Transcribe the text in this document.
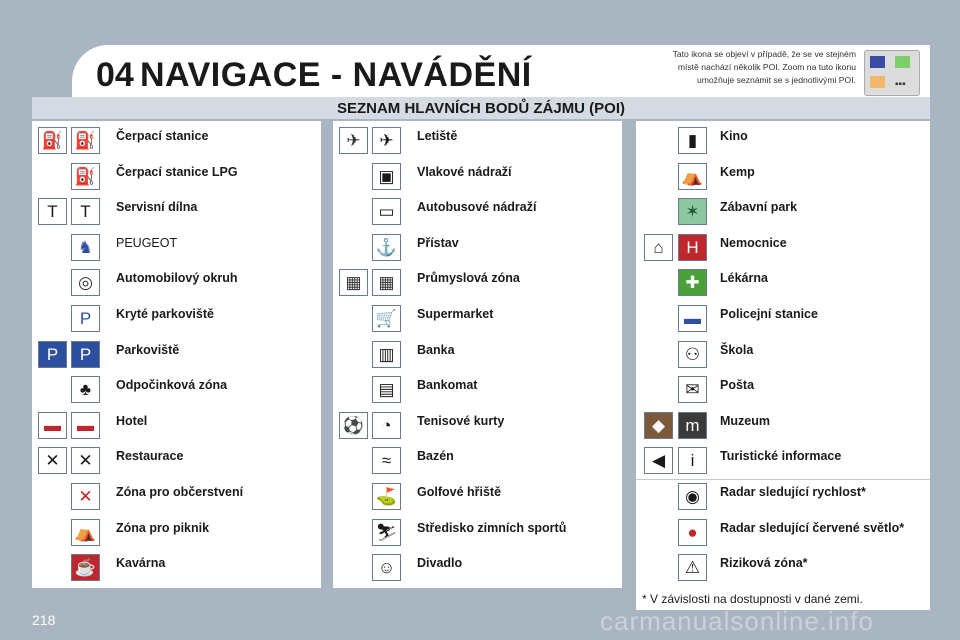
04 NAVIGACE - NAVÁDĚNÍ
Tato ikona se objeví v případě, že se ve stejném místě nachází několik POI. Zoom na tuto ikonu umožňuje seznámit se s jednotlivými POI.	▪▪▪
SEZNAM HLAVNÍCH BODŮ ZÁJMU (POI)
⛽ ⛽	Čerpací stanice
⛽	Čerpací stanice LPG
T	T	Servisní dílna
♞	PEUGEOT
◎	Automobilový okruh
P	Kryté parkoviště
P	P	Parkoviště
♣	Odpočinková zóna
▬ ▬	Hotel
✕	✕	Restaurace
✕	Zóna pro občerstvení
⛺	Zóna pro piknik
☕	Kavárna
✈	✈	Letiště
▣	Vlakové nádraží
▭	Autobusové nádraží
⚓	Přístav
▦ ▦	Průmyslová zóna
🛒	Supermarket
▥	Banka
▤	Bankomat
⚽	◔	Tenisové kurty
≈	Bazén
⛳	Golfové hřiště
⛷ Středisko zimních sportů
☺	Divadlo
▮	Kino
⛺	Kemp
✶	Zábavní park
⌂	H	Nemocnice
✚	Lékárna
▬	Policejní stanice
⚇	Škola
✉	Pošta
◆	m	Muzeum
◀	i	Turistické informace
◉	Radar sledující rychlost*
●	Radar sledující červené světlo*
⚠	Riziková zóna*
* V závislosti na dostupnosti v dané zemi.
218	carmanualsonline.info
